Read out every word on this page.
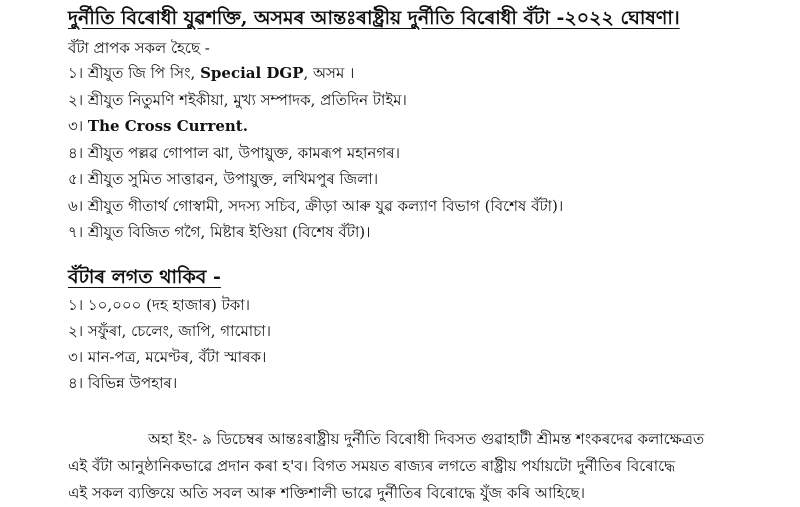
দুৰ্নীতি বিৰোধী যুৱশক্তি, অসমৰ আন্তঃৰাষ্ট্ৰীয় দুৰ্নীতি বিৰোধী বঁটা -২০২২ ঘোষণা।
বঁটা প্ৰাপক সকল হৈছে -
১। শ্ৰীযুত জি পি সিং, Special DGP, অসম ।
২। শ্ৰীযুত নিতুমণি শইকীয়া, মুখ্য সম্পাদক, প্ৰতিদিন টাইম।
৩। The Cross Current.
৪। শ্ৰীযুত পল্লৱ গোপাল ঝা, উপায়ুক্ত, কামৰূপ মহানগৰ।
৫। শ্ৰীযুত সুমিত সাত্তাৱন, উপায়ুক্ত, লখিমপুৰ জিলা।
৬। শ্ৰীযুত গীতাৰ্থ গোস্বামী, সদস্য সচিব, ক্ৰীড়া আৰু যুৱ কল্যাণ বিভাগ (বিশেষ বঁটা)।
৭। শ্ৰীযুত বিজিত গগৈ, মিষ্টাৰ ইণ্ডিয়া (বিশেষ বঁটা)।
বঁটাৰ লগত থাকিব -
১। ১০,০০০ (দহ হাজাৰ) টকা।
২। সফুঁৰা, চেলেং, জাপি, গামোচা।
৩। মান-পত্ৰ, মমেণ্টৰ, বঁটা স্মাৰক।
৪। বিভিন্ন উপহাৰ।
অহা ইং- ৯ ডিচেম্বৰ আন্তঃৰাষ্ট্ৰীয় দুৰ্নীতি বিৰোধী দিবসত গুৱাহাটী শ্ৰীমন্ত শংকৰদেৱ কলাক্ষেত্ৰত
এই বঁটা আনুষ্ঠানিকভাৱে প্ৰদান কৰা হ'ব। বিগত সময়ত ৰাজ্যৰ লগতে ৰাষ্ট্ৰীয় পৰ্যায়টো দুৰ্নীতিৰ বিৰোদ্ধে
এই সকল ব্যক্তিয়ে অতি সবল আৰু শক্তিশালী ভাৱে দুৰ্নীতিৰ বিৰোদ্ধে যুঁজ কৰি আহিছে।
